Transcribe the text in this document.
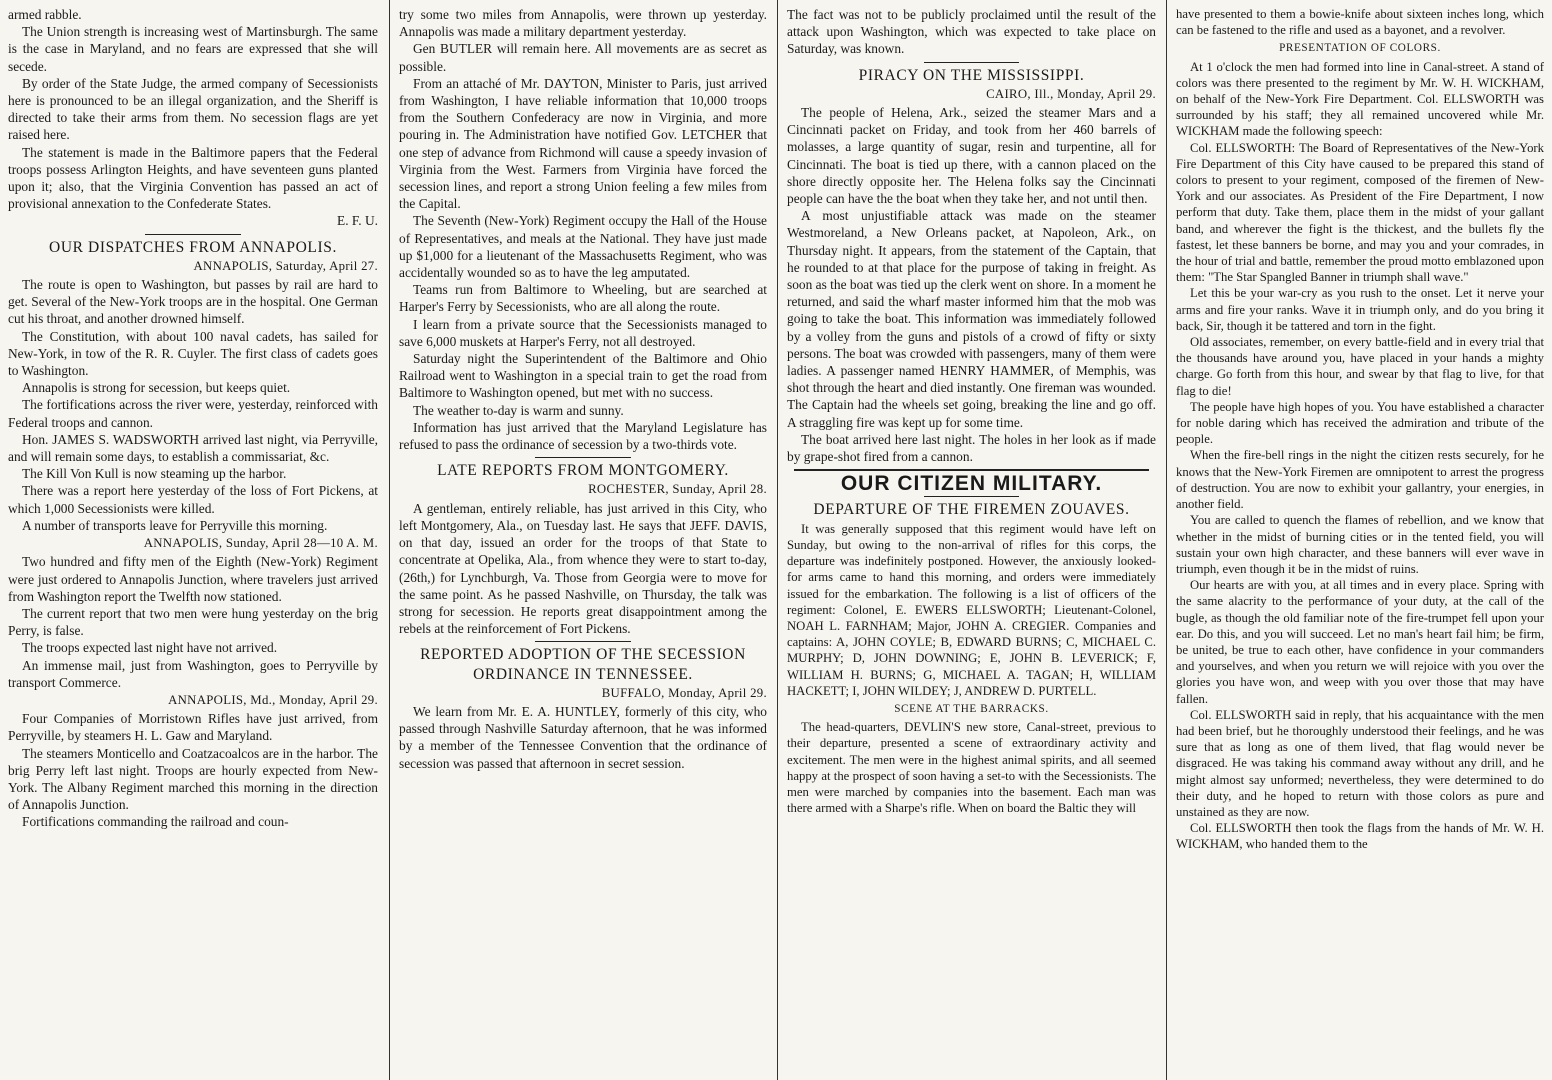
armed rabble.

The Union strength is increasing west of Martinsburgh. The same is the case in Maryland, and no fears are expressed that she will secede.

By order of the State Judge, the armed company of Secessionists here is pronounced to be an illegal organization, and the Sheriff is directed to take their arms from them. No secession flags are yet raised here.

The statement is made in the Baltimore papers that the Federal troops possess Arlington Heights, and have seventeen guns planted upon it; also, that the Virginia Convention has passed an act of provisional annexation to the Confederate States.

E. F. U.

OUR DISPATCHES FROM ANNAPOLIS.
ANNAPOLIS, Saturday, April 27.

The route is open to Washington, but passes by rail are hard to get. Several of the New-York troops are in the hospital. One German cut his throat, and another drowned himself.

The Constitution, with about 100 naval cadets, has sailed for New-York, in tow of the R. R. Cuyler. The first class of cadets goes to Washington.

Annapolis is strong for secession, but keeps quiet.

The fortifications across the river were, yesterday, reinforced with Federal troops and cannon.

Hon. JAMES S. WADSWORTH arrived last night, via Perryville, and will remain some days, to establish a commissariat, &c.

The Kill Von Kull is now steaming up the harbor.

There was a report here yesterday of the loss of Fort Pickens, at which 1,000 Secessionists were killed.

A number of transports leave for Perryville this morning.

ANNAPOLIS, Sunday, April 28—10 A. M.

Two hundred and fifty men of the Eighth (New-York) Regiment were just ordered to Annapolis Junction, where travelers just arrived from Washington report the Twelfth now stationed.

The current report that two men were hung yesterday on the brig Perry, is false.

The troops expected last night have not arrived.

An immense mail, just from Washington, goes to Perryville by transport Commerce.

ANNAPOLIS, Md., Monday, April 29.

Four Companies of Morristown Rifles have just arrived, from Perryville, by steamers H. L. Gaw and Maryland.

The steamers Monticello and Coatzacoalcos are in the harbor. The brig Perry left last night. Troops are hourly expected from New-York. The Albany Regiment marched this morning in the direction of Annapolis Junction.

Fortifications commanding the railroad and coun-

try some two miles from Annapolis, were thrown up yesterday. Annapolis was made a military department yesterday.

Gen BUTLER will remain here. All movements are as secret as possible.

From an attaché of Mr. DAYTON, Minister to Paris, just arrived from Washington, I have reliable information that 10,000 troops from the Southern Confederacy are now in Virginia, and more pouring in. The Administration have notified Gov. LETCHER that one step of advance from Richmond will cause a speedy invasion of Virginia from the West. Farmers from Virginia have forced the secession lines, and report a strong Union feeling a few miles from the Capital.

The Seventh (New-York) Regiment occupy the Hall of the House of Representatives, and meals at the National. They have just made up $1,000 for a lieutenant of the Massachusetts Regiment, who was accidentally wounded so as to have the leg amputated.

Teams run from Baltimore to Wheeling, but are searched at Harper's Ferry by Secessionists, who are all along the route.

I learn from a private source that the Secessionists managed to save 6,000 muskets at Harper's Ferry, not all destroyed.

Saturday night the Superintendent of the Baltimore and Ohio Railroad went to Washington in a special train to get the road from Baltimore to Washington opened, but met with no success.

The weather to-day is warm and sunny.

Information has just arrived that the Maryland Legislature has refused to pass the ordinance of secession by a two-thirds vote.

LATE REPORTS FROM MONTGOMERY.
ROCHESTER, Sunday, April 28.

A gentleman, entirely reliable, has just arrived in this City, who left Montgomery, Ala., on Tuesday last. He says that JEFF. DAVIS, on that day, issued an order for the troops of that State to concentrate at Opelika, Ala., from whence they were to start to-day, (26th,) for Lynchburgh, Va. Those from Georgia were to move for the same point. As he passed Nashville, on Thursday, the talk was strong for secession. He reports great disappointment among the rebels at the reinforcement of Fort Pickens.

REPORTED ADOPTION OF THE SECESSION
ORDINANCE IN TENNESSEE.
BUFFALO, Monday, April 29.

We learn from Mr. E. A. HUNTLEY, formerly of this city, who passed through Nashville Saturday afternoon, that he was informed by a member of the Tennessee Convention that the ordinance of secession was passed that afternoon in secret session.

The fact was not to be publicly proclaimed until the result of the attack upon Washington, which was expected to take place on Saturday, was known.

PIRACY ON THE MISSISSIPPI.
CAIRO, Ill., Monday, April 29.

The people of Helena, Ark., seized the steamer Mars and a Cincinnati packet on Friday, and took from her 460 barrels of molasses, a large quantity of sugar, resin and turpentine, all for Cincinnati. The boat is tied up there, with a cannon placed on the shore directly opposite her. The Helena folks say the Cincinnati people can have the the boat when they take her, and not until then.

A most unjustifiable attack was made on the steamer Westmoreland, a New Orleans packet, at Napoleon, Ark., on Thursday night. It appears, from the statement of the Captain, that he rounded to at that place for the purpose of taking in freight. As soon as the boat was tied up the clerk went on shore. In a moment he returned, and said the wharf master informed him that the mob was going to take the boat. This information was immediately followed by a volley from the guns and pistols of a crowd of fifty or sixty persons. The boat was crowded with passengers, many of them were ladies. A passenger named HENRY HAMMER, of Memphis, was shot through the heart and died instantly. One fireman was wounded. The Captain had the wheels set going, breaking the line and go off. A straggling fire was kept up for some time.

The boat arrived here last night. The holes in her look as if made by grape-shot fired from a cannon.

OUR CITIZEN MILITARY.
DEPARTURE OF THE FIREMEN ZOUAVES.

It was generally supposed that this regiment would have left on Sunday, but owing to the non-arrival of rifles for this corps, the departure was indefinitely postponed. However, the anxiously looked-for arms came to hand this morning, and orders were immediately issued for the embarkation. The following is a list of officers of the regiment: Colonel, E. EWERS ELLSWORTH; Lieutenant-Colonel, NOAH L. FARNHAM; Major, JOHN A. CREGIER. Companies and captains: A, JOHN COYLE; B, EDWARD BURNS; C, MICHAEL C. MURPHY; D, JOHN DOWNING; E, JOHN B. LEVERICK; F, WILLIAM H. BURNS; G, MICHAEL A. TAGAN; H, WILLIAM HACKETT; I, JOHN WILDEY; J, ANDREW D. PURTELL.

SCENE AT THE BARRACKS.

The head-quarters, DEVLIN'S new store, Canal-street, previous to their departure, presented a scene of extraordinary activity and excitement. The men were in the highest animal spirits, and all seemed happy at the prospect of soon having a set-to with the Secessionists. The men were marched by companies into the basement. Each man was there armed with a Sharpe's rifle. When on board the Baltic they will

have presented to them a bowie-knife about sixteen inches long, which can be fastened to the rifle and used as a bayonet, and a revolver.

PRESENTATION OF COLORS.

At 1 o'clock the men had formed into line in Canal-street. A stand of colors was there presented to the regiment by Mr. W. H. WICKHAM, on behalf of the New-York Fire Department. Col. ELLSWORTH was surrounded by his staff; they all remained uncovered while Mr. WICKHAM made the following speech:

Col. ELLSWORTH: The Board of Representatives of the New-York Fire Department of this City have caused to be prepared this stand of colors to present to your regiment, composed of the firemen of New-York and our associates. As President of the Fire Department, I now perform that duty. Take them, place them in the midst of your gallant band, and wherever the fight is the thickest, and the bullets fly the fastest, let these banners be borne, and may you and your comrades, in the hour of trial and battle, remember the proud motto emblazoned upon them: "The Star Spangled Banner in triumph shall wave."

Let this be your war-cry as you rush to the onset. Let it nerve your arms and fire your ranks. Wave it in triumph only, and do you bring it back, Sir, though it be tattered and torn in the fight.

Old associates, remember, on every battle-field and in every trial that the thousands have around you, have placed in your hands a mighty charge. Go forth from this hour, and swear by that flag to live, for that flag to die!

The people have high hopes of you. You have established a character for noble daring which has received the admiration and tribute of the people.

When the fire-bell rings in the night the citizen rests securely, for he knows that the New-York Firemen are omnipotent to arrest the progress of destruction. You are now to exhibit your gallantry, your energies, in another field.

You are called to quench the flames of rebellion, and we know that whether in the midst of burning cities or in the tented field, you will sustain your own high character, and these banners will ever wave in triumph, even though it be in the midst of ruins.

Our hearts are with you, at all times and in every place. Spring with the same alacrity to the performance of your duty, at the call of the bugle, as though the old familiar note of the fire-trumpet fell upon your ear. Do this, and you will succeed. Let no man's heart fail him; be firm, be united, be true to each other, have confidence in your commanders and yourselves, and when you return we will rejoice with you over the glories you have won, and weep with you over those that may have fallen.

Col. ELLSWORTH said in reply, that his acquaintance with the men had been brief, but he thoroughly understood their feelings, and he was sure that as long as one of them lived, that flag would never be disgraced. He was taking his command away without any drill, and he might almost say unformed; nevertheless, they were determined to do their duty, and he hoped to return with those colors as pure and unstained as they are now.

Col. ELLSWORTH then took the flags from the hands of Mr. W. H. WICKHAM, who handed them to the
